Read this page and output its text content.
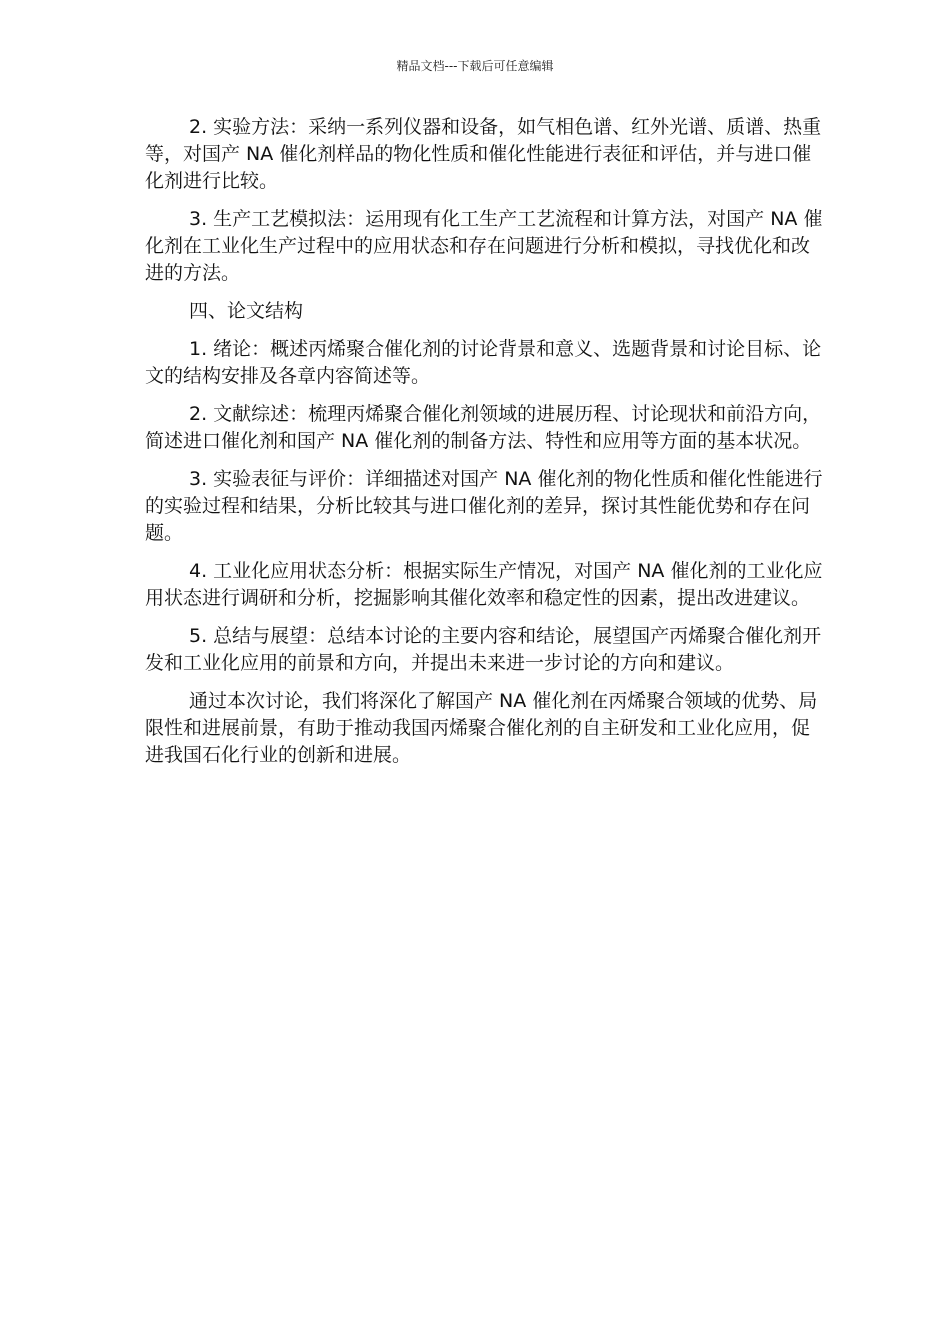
精品文档---下载后可任意编辑

2. 实验方法：采纳一系列仪器和设备，如气相色谱、红外光谱、质谱、热重等，对国产 NA 催化剂样品的物化性质和催化性能进行表征和评估，并与进口催化剂进行比较。

3. 生产工艺模拟法：运用现有化工生产工艺流程和计算方法，对国产 NA 催化剂在工业化生产过程中的应用状态和存在问题进行分析和模拟，寻找优化和改进的方法。

四、论文结构

1. 绪论：概述丙烯聚合催化剂的讨论背景和意义、选题背景和讨论目标、论文的结构安排及各章内容简述等。

2. 文献综述：梳理丙烯聚合催化剂领域的进展历程、讨论现状和前沿方向，简述进口催化剂和国产 NA 催化剂的制备方法、特性和应用等方面的基本状况。

3. 实验表征与评价：详细描述对国产 NA 催化剂的物化性质和催化性能进行的实验过程和结果，分析比较其与进口催化剂的差异，探讨其性能优势和存在问题。

4. 工业化应用状态分析：根据实际生产情况，对国产 NA 催化剂的工业化应用状态进行调研和分析，挖掘影响其催化效率和稳定性的因素，提出改进建议。

5. 总结与展望：总结本讨论的主要内容和结论，展望国产丙烯聚合催化剂开发和工业化应用的前景和方向，并提出未来进一步讨论的方向和建议。

通过本次讨论，我们将深化了解国产 NA 催化剂在丙烯聚合领域的优势、局限性和进展前景，有助于推动我国丙烯聚合催化剂的自主研发和工业化应用，促进我国石化行业的创新和进展。
